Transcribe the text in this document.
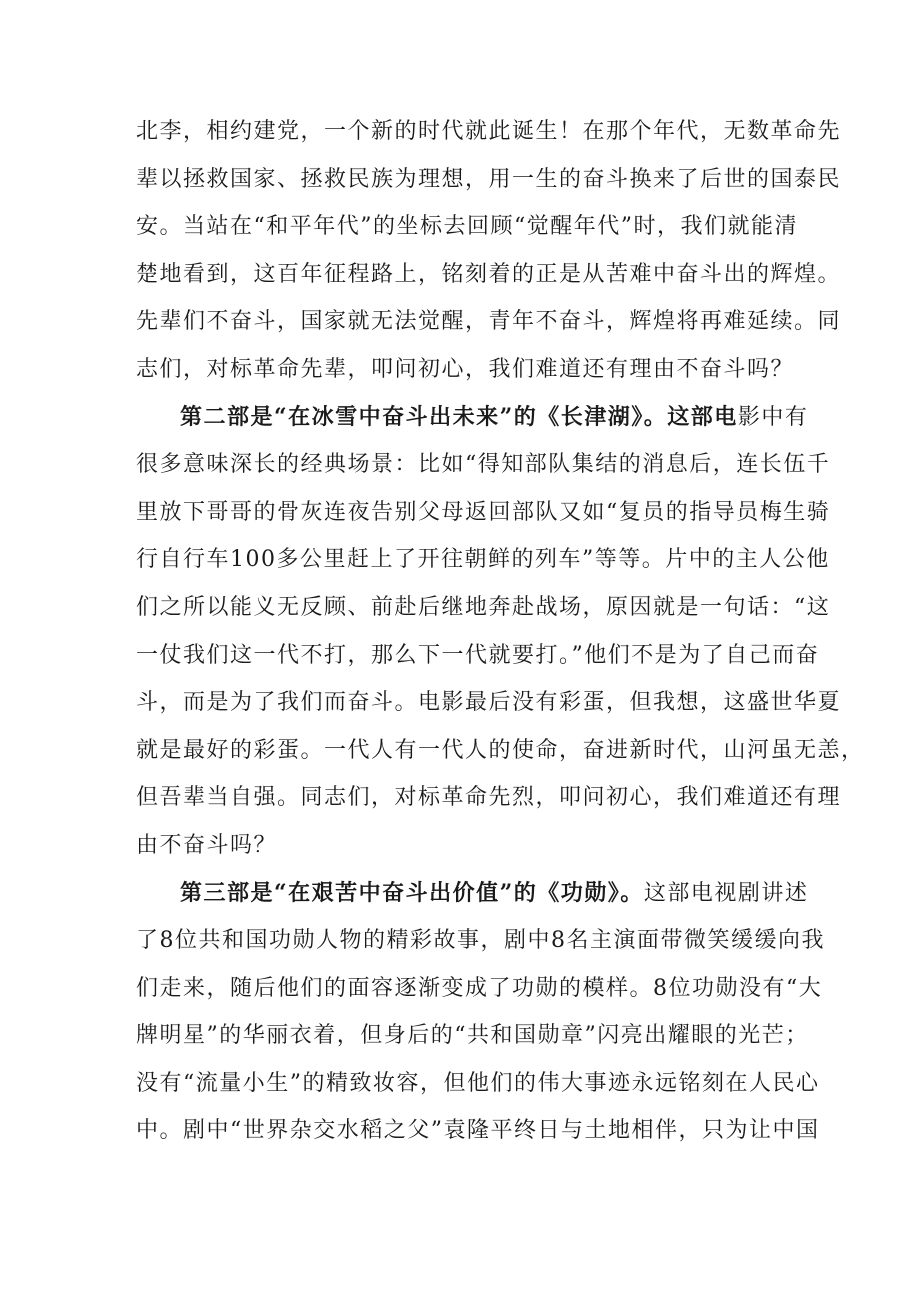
北李，相约建党，一个新的时代就此诞生！在那个年代，无数革命先
辈以拯救国家、拯救民族为理想，用一生的奋斗换来了后世的国泰民
安。当站在“和平年代”的坐标去回顾“觉醒年代”时，我们就能清
楚地看到，这百年征程路上，铭刻着的正是从苦难中奋斗出的辉煌。
先辈们不奋斗，国家就无法觉醒，青年不奋斗，辉煌将再难延续。同
志们，对标革命先辈，叩问初心，我们难道还有理由不奋斗吗？
第二部是“在冰雪中奋斗出未来”的《长津湖》。这部电影中有
很多意味深长的经典场景：比如“得知部队集结的消息后，连长伍千
里放下哥哥的骨灰连夜告别父母返回部队又如“复员的指导员梅生骑
行自行车100多公里赶上了开往朝鲜的列车”等等。片中的主人公他
们之所以能义无反顾、前赴后继地奔赴战场，原因就是一句话：“这
一仗我们这一代不打，那么下一代就要打。”他们不是为了自己而奋
斗，而是为了我们而奋斗。电影最后没有彩蛋，但我想，这盛世华夏
就是最好的彩蛋。一代人有一代人的使命，奋进新时代，山河虽无恙，
但吾辈当自强。同志们，对标革命先烈，叩问初心，我们难道还有理
由不奋斗吗？
第三部是“在艰苦中奋斗出价值”的《功勋》。这部电视剧讲述
了8位共和国功勋人物的精彩故事，剧中8名主演面带微笑缓缓向我
们走来，随后他们的面容逐渐变成了功勋的模样。8位功勋没有“大
牌明星”的华丽衣着，但身后的“共和国勋章”闪亮出耀眼的光芒；
没有“流量小生”的精致妆容，但他们的伟大事迹永远铭刻在人民心
中。剧中“世界杂交水稻之父”袁隆平终日与土地相伴，只为让中国
